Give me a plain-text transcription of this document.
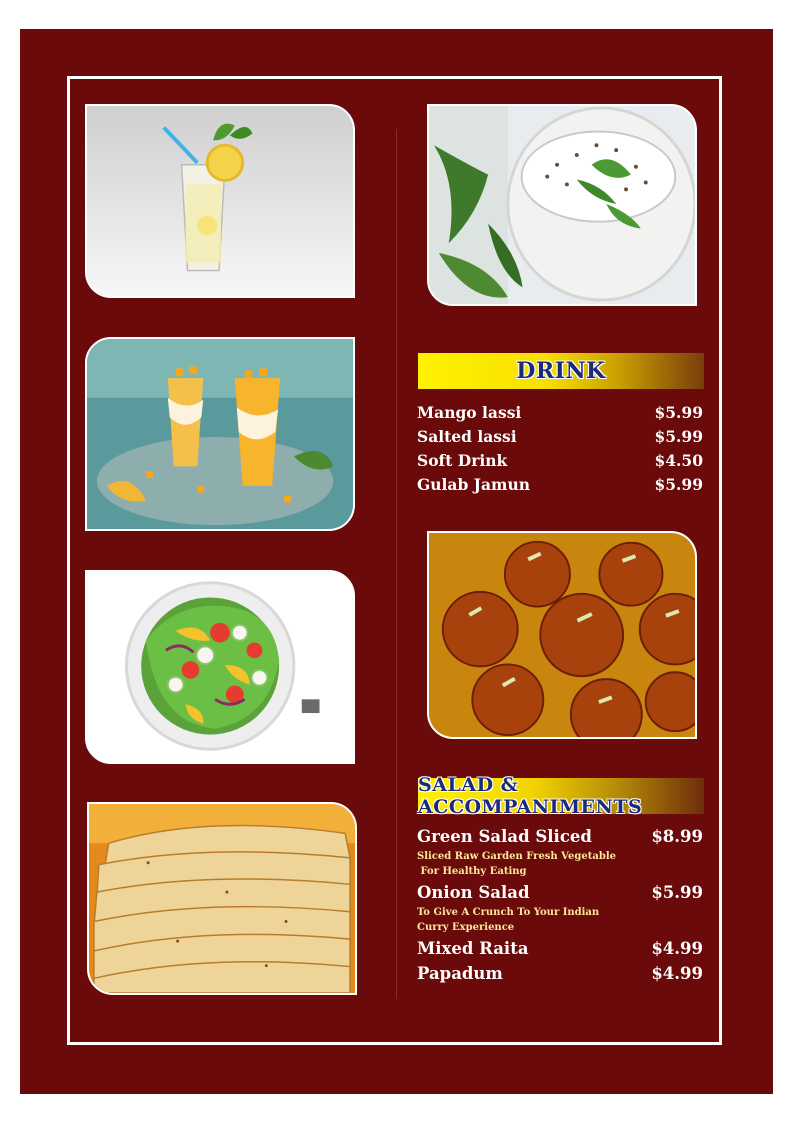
DRINK
Mango lassi	$5.99
Salted lassi	$5.99
Soft Drink	$4.50
Gulab Jamun	$5.99
SALAD & ACCOMPANIMENTS
Green Salad Sliced	$8.99
Sliced Raw Garden Fresh Vegetable
For Healthy Eating
Onion Salad	$5.99
To Give A Crunch To Your Indian
Curry Experience
Mixed Raita	$4.99
Papadum	$4.99
